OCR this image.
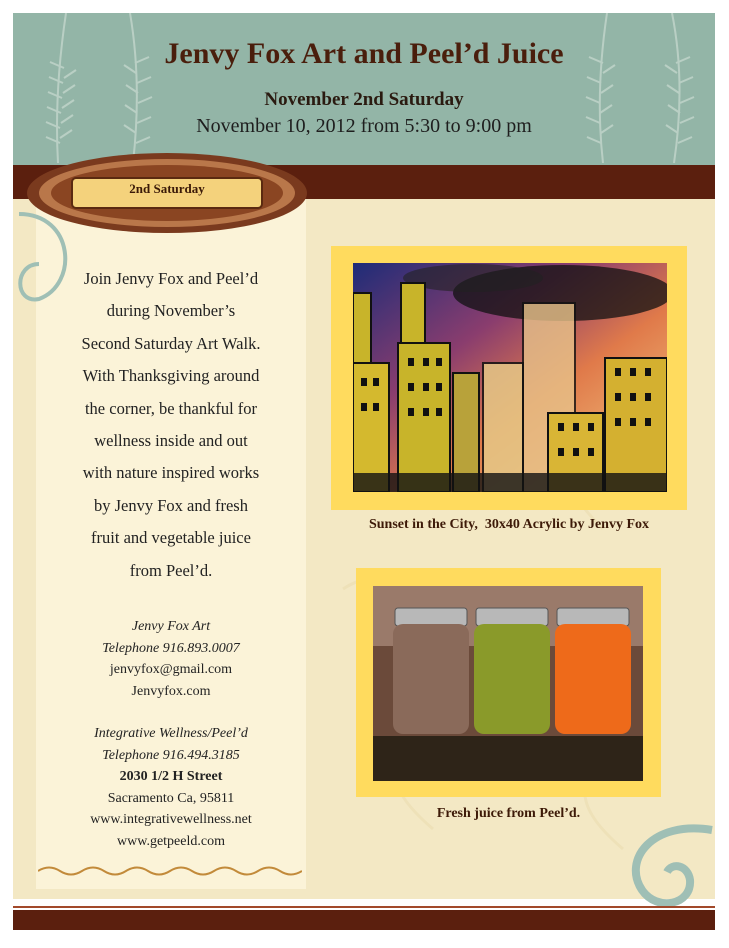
Jenvy Fox Art and Peel’d Juice
November 2nd Saturday
November 10, 2012 from 5:30 to 9:00 pm
Join Jenvy Fox and Peel’d
during November’s
Second Saturday Art Walk.
With Thanksgiving around
the corner, be thankful for
wellness inside and out
with nature inspired works
by Jenvy Fox and fresh
fruit and vegetable juice
from Peel’d.
Jenvy Fox Art
Telephone 916.893.0007
jenvyfox@gmail.com
Jenvyfox.com
Integrative Wellness/Peel’d
Telephone 916.494.3185
2030 1/2 H Street
Sacramento Ca, 95811
www.integrativewellness.net
www.getpeeld.com
2nd Saturday
Sunset in the City,  30x40 Acrylic by Jenvy Fox
Fresh juice from Peel’d.
